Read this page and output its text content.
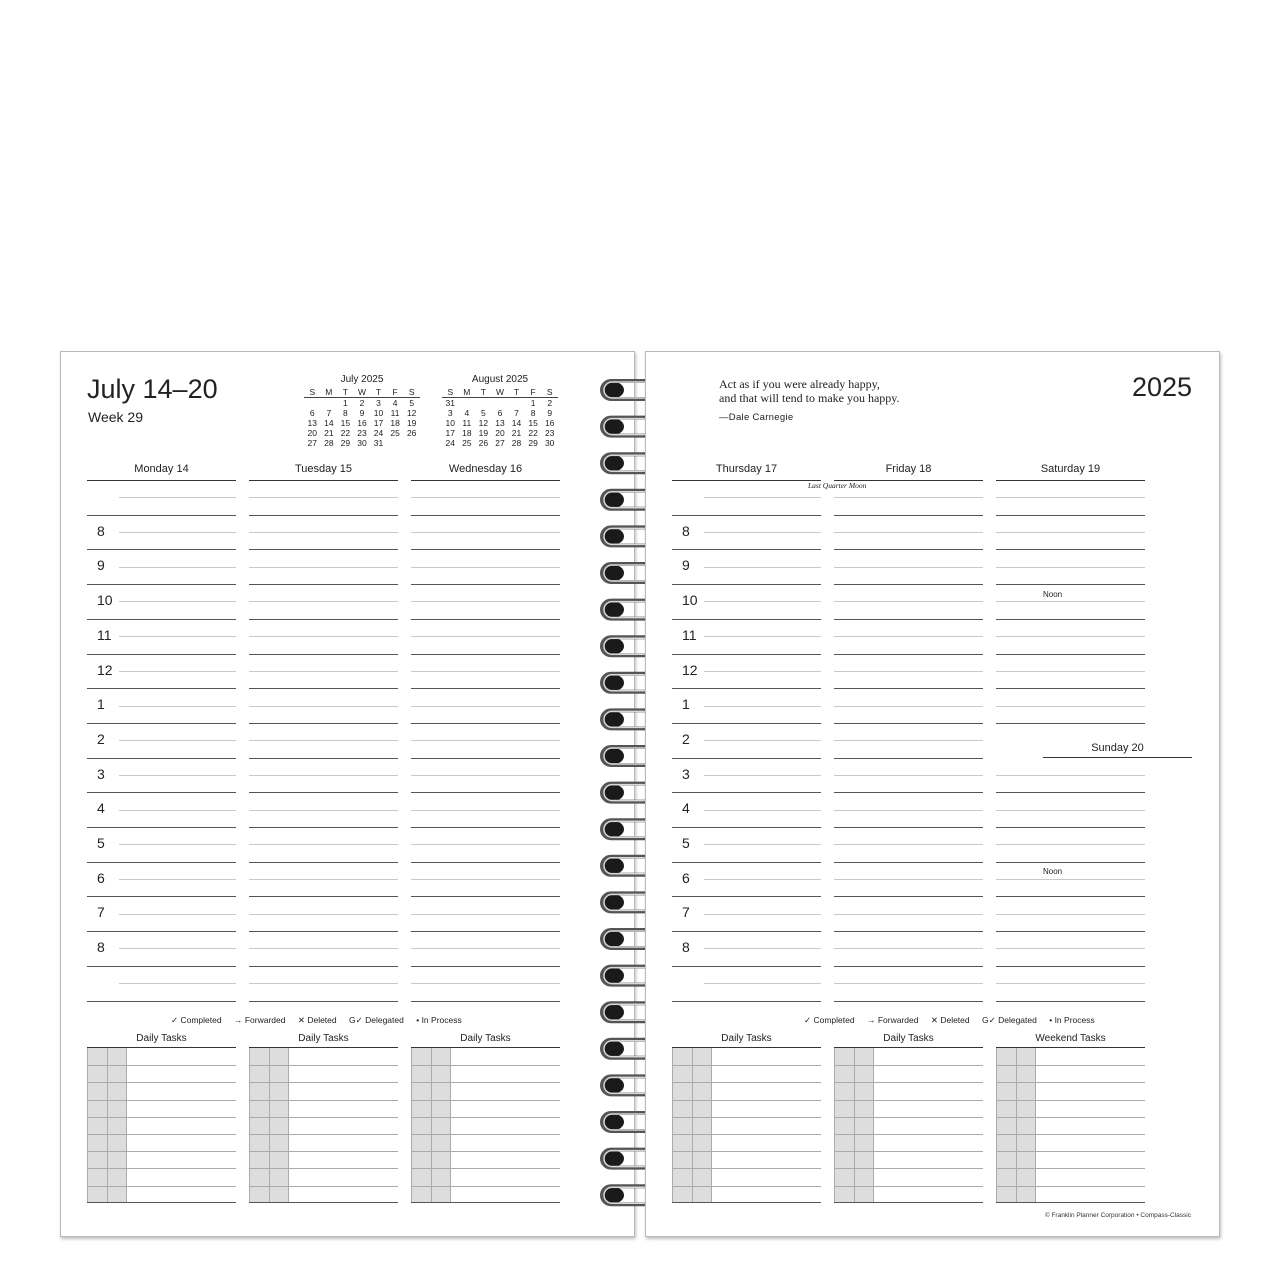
July 14–20
Week 29
July 2025
S	M	T	W	T	F	S
		1	2	3	4	5
6	7	8	9	10	11	12
13	14	15	16	17	18	19
20	21	22	23	24	25	26
27	28	29	30	31		
August 2025
S	M	T	W	T	F	S
31					1	2
3	4	5	6	7	8	9
10	11	12	13	14	15	16
17	18	19	20	21	22	23
24	25	26	27	28	29	30
Monday 14	Tuesday 15	Wednesday 16
8
9
10
11
12
1
2
3
4
5
6
7
8
✓ Completed → Forwarded ✕ Deleted G✓ Delegated • In Process
Daily Tasks	Daily Tasks	Daily Tasks
Act as if you were already happy,
and that will tend to make you happy.
—Dale Carnegie
2025
Thursday 17	Friday 18	Saturday 19
8
9
10
11
12
1
2
3
4
5
6
7
8
Last Quarter Moon
Noon
Noon
Sunday 20
✓ Completed → Forwarded ✕ Deleted G✓ Delegated • In Process
Daily Tasks	Daily Tasks	Weekend Tasks
© Franklin Planner Corporation • Compass-Classic
